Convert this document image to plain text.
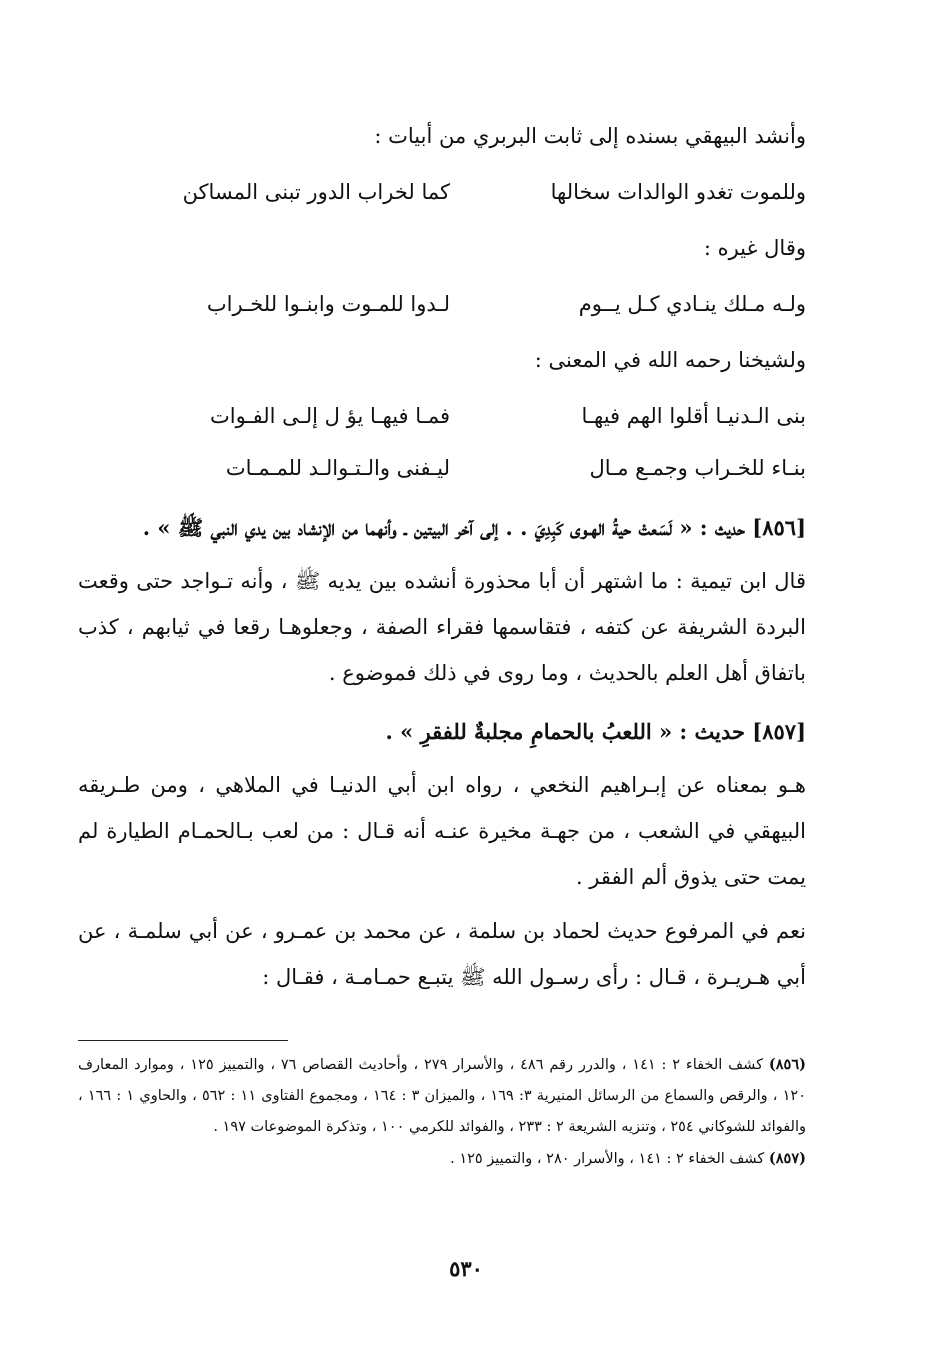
وأنشد البيهقي بسنده إلى ثابت البربري من أبيات :
وللموت تغدو الوالدات سخالها
كما لخراب الدور تبنى المساكن
وقال غيره :
ولـه مـلك ينـادي كـل يــوم
لـدوا للمـوت وابنـوا للخـراب
ولشيخنا رحمه الله في المعنى :
بنى الـدنيـا أقلوا الهم فيهـا
فمـا فيهـا يؤ ل إلـى الفـوات
بنـاء للخـراب وجمـع مـال
ليـفنى والـتـوالـد للمـمـات
[٨٥٦] حديث : « لَسَعتْ حيةُ الهـوى كَبِدِيَ . . إلى آخر البيتين ـ وأنهما من الإنشاد بين يدي النبي ﷺ » .

قال ابن تيمية : ما اشتهر أن أبا محذورة أنشده بين يديه ﷺ ، وأنه تـواجد حتى وقعت البردة الشريفة عن كتفه ، فتقاسمها فقراء الصفة ، وجعلوهـا رقعا في ثيابهم ، كذب باتفاق أهل العلم بالحديث ، وما روى في ذلك فموضوع .

[٨٥٧] حديث : « اللعبُ بالحمامِ مجلبةٌ للفقرِ » .

هـو بمعناه عن إبـراهيم النخعي ، رواه ابن أبي الدنيـا في الملاهي ، ومن طـريقه البيهقي في الشعب ، من جهـة مخيرة عنـه أنه قـال : من لعب بـالحمـام الطيارة لم يمت حتى يذوق ألم الفقر .

نعم في المرفوع حديث لحماد بن سلمة ، عن محمد بن عمـرو ، عن أبي سلمـة ، عن أبي هـريـرة ، قـال : رأى رسـول الله ﷺ يتبـع حمـامـة ، فقـال :

(٨٥٦) كشف الخفاء ٢ : ١٤١ ، والدرر رقم ٤٨٦ ، والأسرار ٢٧٩ ، وأحاديث القصاص ٧٦ ، والتمييز ١٢٥ ، وموارد المعارف ١٢٠ ، والرقص والسماع من الرسائل المنيرية ٣: ١٦٩ ، والميزان ٣ : ١٦٤ ، ومجموع الفتاوى ١١ : ٥٦٢ ، والحاوي ١ : ١٦٦ ، والفوائد للشوكاني ٢٥٤ ، وتنزيه الشريعة ٢ : ٢٣٣ ، والفوائد للكرمي ١٠٠ ، وتذكرة الموضوعات ١٩٧ .
(٨٥٧) كشف الخفاء ٢ : ١٤١ ، والأسرار ٢٨٠ ، والتمييز ١٢٥ .
٥٣٠
